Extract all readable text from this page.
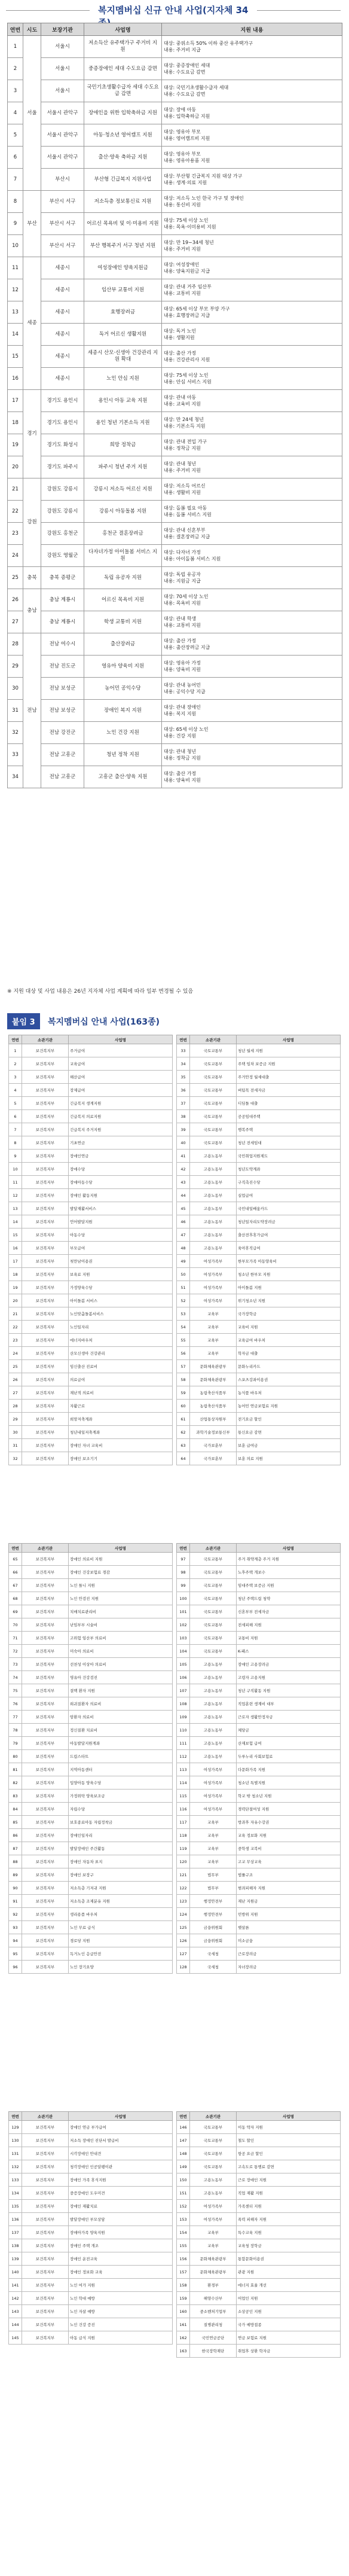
복지멤버십 신규 안내 사업(지자체 34
연번	시도	보장기관	사업명	지원 내용
1	서울	서울시	저소득산 유주택가구 주거비 지원	대상: 중위소득 50% 이하 중산 유주택가구
내용: 주거비 지급
2		서울시	중증장애인 세대 수도요금 감면	대상: 중증장애인 세대
내용: 수도요금 감면
3		서울시	국민기초생활수급자 세대 수도요금 감면	대상: 국민기초생활수급자 세대
내용: 수도요금 감면
4		서울시 관악구	장애인을 위한 입학축하금 지원	대상: 장애 아동
내용: 입학축하금 지원
5		서울시 관악구	아동·청소년 영어캠프 지원	대상: 영유아 부모
내용: 영어캠프비 지원
6		서울시 관악구	출산·양육 축하금 지원	대상: 영유아 부모
내용: 영유아용품 지원
7		부산시	부산형 긴급복지 지원사업	대상: 부산형 긴급복지 지원 대상 가구
내용: 생계·의료 지원
8	부산	부산시 서구	저소득층 정보통신료 지원	대상: 저소득 노인 한국 가구 및 장애인
내용: 통신비 지원
9		부산시 서구	어르신 목욕비 및 이·미용비 지원	대상: 75세 이상 노인
내용: 목욕·이미용비 지원
10		부산시 서구	부산 행복주거 서구 청년 지원	대상: 만 19~34세 청년
내용: 주거비 지원
11	세종	세종시	여성장애인 양육지원금	대상: 여성장애인
내용: 양육지원금 지급
12		세종시	임산부 교통비 지원	대상: 관내 거주 임산부
내용: 교통비 지원
13		세종시	효행장려금	대상: 65세 이상 부모 부양 가구
내용: 효행장려금 지급
14		세종시	독거 어르신 생활지원	대상: 독거 노인
내용: 생활지원
15		세종시	세종시 산모·신생아 건강관리 지원 확대	대상: 출산 가정
내용: 건강관리사 지원
16		세종시	노인 안심 지원	대상: 75세 이상 노인
내용: 안심 서비스 지원
17	경기	경기도 용인시	용인시 아동 교육 지원	대상: 관내 아동
내용: 교육비 지원
18		경기도 용인시	용인 청년 기본소득 지원	대상: 만 24세 청년
내용: 기본소득 지원
19		경기도 화성시	희망 정착금	대상: 관내 전입 가구
내용: 정착금 지원
20		경기도 파주시	파주시 청년 주거 지원	대상: 관내 청년
내용: 주거비 지원
21	강원	강원도 강릉시	강릉시 저소득 어르신 지원	대상: 저소득 어르신
내용: 생활비 지원
22		강원도 강릉시	강릉시 아동돌봄 지원	대상: 돌봄 필요 아동
내용: 돌봄 서비스 지원
23		강원도 홍천군	홍천군 결혼장려금	대상: 관내 신혼부부
내용: 결혼장려금 지급
24		강원도 영월군	다자녀가정 아이돌봄 서비스 지원	대상: 다자녀 가정
내용: 아이돌봄 서비스 지원
25	충북	충북 증평군	독립 유공자 지원	대상: 독립 유공자
내용: 지원금 지급
26	충남	충남 계룡시	어르신 목욕비 지원	대상: 70세 이상 노인
내용: 목욕비 지원
27		충남 계룡시	학생 교통비 지원	대상: 관내 학생
내용: 교통비 지원
28	전남	전남 여수시	출산장려금	대상: 출산 가정
내용: 출산장려금 지급
29		전남 진도군	영유아 양육비 지원	대상: 영유아 가정
내용: 양육비 지원
30		전남 보성군	농어민 공익수당	대상: 관내 농어민
내용: 공익수당 지급
31		전남 보성군	장애인 복지 지원	대상: 관내 장애인
내용: 복지 지원
32		전남 강진군	노인 건강 지원	대상: 65세 이상 노인
내용: 건강 지원
33		전남 고흥군	청년 정착 지원	대상: 관내 청년
내용: 정착금 지원
34		전남 고흥군	고흥군 출산·양육 지원	대상: 출산 가정
내용: 양육비 지원
※ 지원 대상 및 사업 내용은 26년 지자체 사업 계획에 따라 일부 변경될 수 있음
붙임 3	복지멤버십 안내 사업(163종)
연번	소관기관	사업명
1	보건복지부	주거급여
2	보건복지부	교육급여
3	보건복지부	해산급여
4	보건복지부	장제급여
5	보건복지부	긴급복지 생계지원
6	보건복지부	긴급복지 의료지원
7	보건복지부	긴급복지 주거지원
8	보건복지부	기초연금
9	보건복지부	장애인연금
10	보건복지부	장애수당
11	보건복지부	장애아동수당
12	보건복지부	장애인 활동지원
13	보건복지부	발달재활서비스
14	보건복지부	언어발달지원
15	보건복지부	아동수당
16	보건복지부	부모급여
17	보건복지부	첫만남이용권
18	보건복지부	보육료 지원
19	보건복지부	가정양육수당
20	보건복지부	아이돌봄 서비스
21	보건복지부	노인맞춤돌봄서비스
22	보건복지부	노인일자리
23	보건복지부	에너지바우처
24	보건복지부	산모신생아 건강관리
25	보건복지부	임신출산 진료비
26	보건복지부	의료급여
27	보건복지부	재난적 의료비
28	보건복지부	자활근로
29	보건복지부	희망저축계좌
30	보건복지부	청년내일저축계좌
31	보건복지부	장애인 자녀 교육비
32	보건복지부	장애인 보조기기
연번	소관기관	사업명
33	국토교통부	청년 월세 지원
34	국토교통부	주택 임차 보증금 지원
35	국토교통부	주거안정 월세대출
36	국토교통부	버팀목 전세자금
37	국토교통부	디딤돌 대출
38	국토교통부	공공임대주택
39	국토교통부	행복주택
40	국토교통부	청년 전세임대
41	고용노동부	국민취업지원제도
42	고용노동부	청년도약계좌
43	고용노동부	구직촉진수당
44	고용노동부	실업급여
45	고용노동부	국민내일배움카드
46	고용노동부	청년일자리도약장려금
47	고용노동부	출산전후휴가급여
48	고용노동부	육아휴직급여
49	여성가족부	한부모가족 아동양육비
50	여성가족부	청소년 한부모 지원
51	여성가족부	아이돌봄 지원
52	여성가족부	위기청소년 지원
53	교육부	국가장학금
54	교육부	교육비 지원
55	교육부	교육급여 바우처
56	교육부	학자금 대출
57	문화체육관광부	문화누리카드
58	문화체육관광부	스포츠강좌이용권
59	농림축산식품부	농식품 바우처
60	농림축산식품부	농어민 연금보험료 지원
61	산업통상자원부	전기요금 할인
62	과학기술정보통신부	통신요금 감면
63	국가보훈부	보훈 급여금
64	국가보훈부	보훈 의료 지원
연번	소관기관	사업명
65	보건복지부	장애인 의료비 지원
66	보건복지부	장애인 건강보험료 경감
67	보건복지부	노인 틀니 지원
68	보건복지부	노인 안검진 지원
69	보건복지부	치매치료관리비
70	보건복지부	난임부부 시술비
71	보건복지부	고위험 임산부 의료비
72	보건복지부	미숙아 의료비
73	보건복지부	선천성 이상아 의료비
74	보건복지부	영유아 건강검진
75	보건복지부	결핵 환자 지원
76	보건복지부	희귀질환자 의료비
77	보건복지부	암환자 의료비
78	보건복지부	정신질환 치료비
79	보건복지부	아동발달지원계좌
80	보건복지부	드림스타트
81	보건복지부	지역아동센터
82	보건복지부	입양아동 양육수당
83	보건복지부	가정위탁 양육보조금
84	보건복지부	자립수당
85	보건복지부	보호종료아동 자립정착금
86	보건복지부	장애인일자리
87	보건복지부	발달장애인 주간활동
88	보건복지부	장애인 자동차 표지
89	보건복지부	장애인 보장구
90	보건복지부	저소득층 기저귀 지원
91	보건복지부	저소득층 조제분유 지원
92	보건복지부	생리용품 바우처
93	보건복지부	노인 무료 급식
94	보건복지부	경로당 지원
95	보건복지부	독거노인 응급안전
96	보건복지부	노인 장기요양
연번	소관기관	사업명
97	국토교통부	주거 취약계층 주거 지원
98	국토교통부	노후주택 개보수
99	국토교통부	임대주택 보증금 지원
100	국토교통부	청년 주택드림 청약
101	국토교통부	신혼부부 전세자금
102	국토교통부	전세피해 지원
103	국토교통부	교통비 지원
104	국토교통부	K-패스
105	고용노동부	장애인 고용장려금
106	고용노동부	고령자 고용지원
107	고용노동부	청년 구직활동 지원
108	고용노동부	직업훈련 생계비 대부
109	고용노동부	근로자 생활안정자금
110	고용노동부	체당금
111	고용노동부	산재보험 급여
112	고용노동부	두루누리 사회보험료
113	여성가족부	다문화가족 지원
114	여성가족부	청소년 특별지원
115	여성가족부	학교 밖 청소년 지원
116	여성가족부	경력단절여성 지원
117	교육부	방과후 자유수강권
118	교육부	교육 정보화 지원
119	교육부	중학생 교복비
120	교육부	고교 무상교육
121	법무부	법률구조
122	법무부	범죄피해자 지원
123	행정안전부	재난 지원금
124	행정안전부	민방위 지원
125	금융위원회	햇살론
126	금융위원회	미소금융
127	국세청	근로장려금
128	국세청	자녀장려금
연번	소관기관	사업명
129	보건복지부	장애인 연금 부가급여
130	보건복지부	저소득 장애인 진단서 발급비
131	보건복지부	시각장애인 안내견
132	보건복지부	청각장애인 인공달팽이관
133	보건복지부	장애인 가족 휴식지원
134	보건복지부	중증장애인 도우미견
135	보건복지부	장애인 재활치료
136	보건복지부	발달장애인 부모상담
137	보건복지부	장애아가족 양육지원
138	보건복지부	장애인 주택 개조
139	보건복지부	장애인 운전교육
140	보건복지부	장애인 정보화 교육
141	보건복지부	노인 여가 지원
142	보건복지부	노인 학대 예방
143	보건복지부	노인 자살 예방
144	보건복지부	노인 건강 증진
145	보건복지부	아동 급식 지원
연번	소관기관	사업명
146	국토교통부	이동 약자 지원
147	국토교통부	철도 할인
148	국토교통부	항공 요금 할인
149	국토교통부	고속도로 통행료 감면
150	고용노동부	근로 장애인 지원
151	고용노동부	직업 재활 지원
152	여성가족부	가족센터 지원
153	여성가족부	폭력 피해자 지원
154	교육부	특수교육 지원
155	교육부	교육청 장학금
156	문화체육관광부	통합문화이용권
157	문화체육관광부	관광 지원
158	환경부	에너지 효율 개선
159	해양수산부	어업인 지원
160	중소벤처기업부	소상공인 지원
161	질병관리청	국가 예방접종
162	국민연금공단	연금 보험료 지원
163	한국장학재단	취업후 상환 학자금
